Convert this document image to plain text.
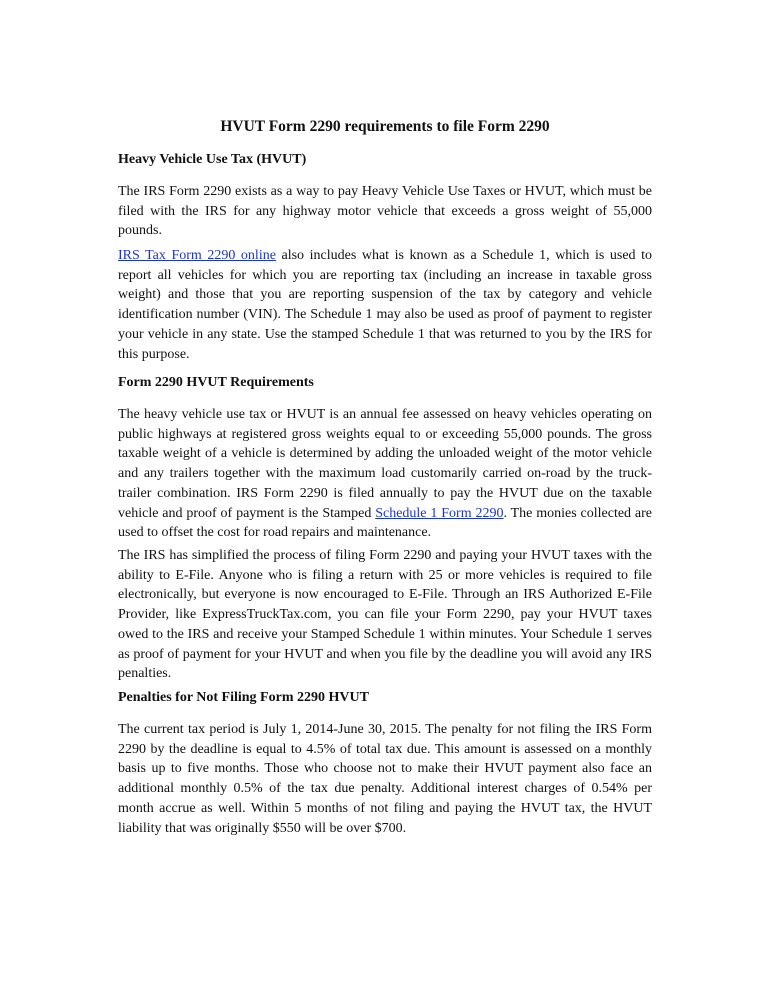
HVUT Form 2290 requirements to file Form 2290
Heavy Vehicle Use Tax (HVUT)

The IRS Form 2290 exists as a way to pay Heavy Vehicle Use Taxes or HVUT, which must be filed with the IRS for any highway motor vehicle that exceeds a gross weight of 55,000 pounds.

IRS Tax Form 2290 online also includes what is known as a Schedule 1, which is used to report all vehicles for which you are reporting tax (including an increase in taxable gross weight) and those that you are reporting suspension of the tax by category and vehicle identification number (VIN). The Schedule 1 may also be used as proof of payment to register your vehicle in any state. Use the stamped Schedule 1 that was returned to you by the IRS for this purpose.

Form 2290 HVUT Requirements

The heavy vehicle use tax or HVUT is an annual fee assessed on heavy vehicles operating on public highways at registered gross weights equal to or exceeding 55,000 pounds. The gross taxable weight of a vehicle is determined by adding the unloaded weight of the motor vehicle and any trailers together with the maximum load customarily carried on-road by the truck-trailer combination. IRS Form 2290 is filed annually to pay the HVUT due on the taxable vehicle and proof of payment is the Stamped Schedule 1 Form 2290. The monies collected are used to offset the cost for road repairs and maintenance.

The IRS has simplified the process of filing Form 2290 and paying your HVUT taxes with the ability to E-File. Anyone who is filing a return with 25 or more vehicles is required to file electronically, but everyone is now encouraged to E-File. Through an IRS Authorized E-File Provider, like ExpressTruckTax.com, you can file your Form 2290, pay your HVUT taxes owed to the IRS and receive your Stamped Schedule 1 within minutes. Your Schedule 1 serves as proof of payment for your HVUT and when you file by the deadline you will avoid any IRS penalties.

Penalties for Not Filing Form 2290 HVUT

The current tax period is July 1, 2014-June 30, 2015. The penalty for not filing the IRS Form 2290 by the deadline is equal to 4.5% of total tax due. This amount is assessed on a monthly basis up to five months. Those who choose not to make their HVUT payment also face an additional monthly 0.5% of the tax due penalty. Additional interest charges of 0.54% per month accrue as well. Within 5 months of not filing and paying the HVUT tax, the HVUT liability that was originally $550 will be over $700.
